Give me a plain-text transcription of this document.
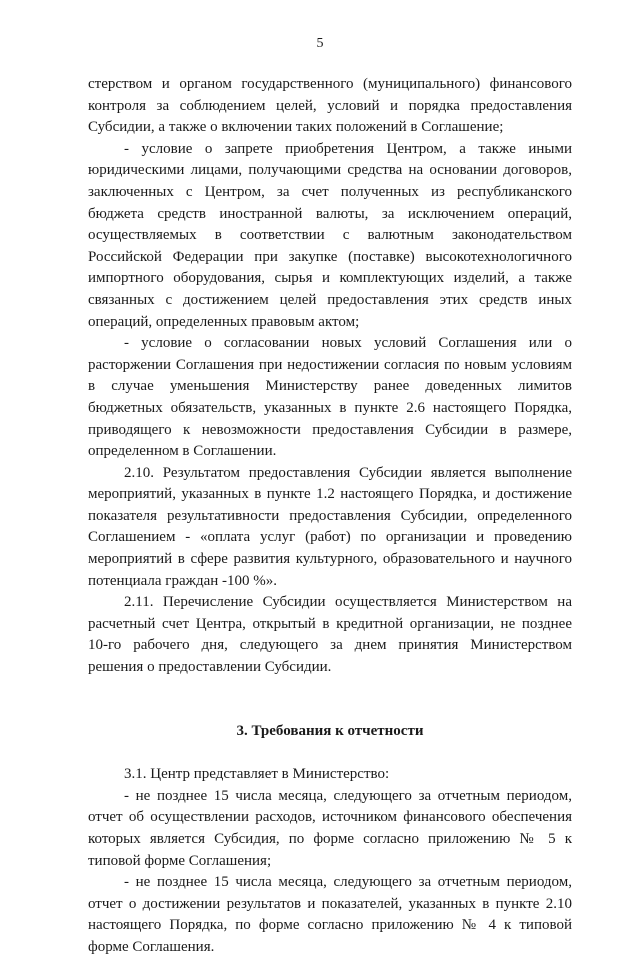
5

стерством и органом государственного (муниципального) финансового контроля за соблюдением целей, условий и порядка предоставления Субсидии, а также о включении таких положений в Соглашение;

- условие о запрете приобретения Центром, а также иными юридическими лицами, получающими средства на основании договоров, заключенных с Центром, за счет полученных из республиканского бюджета средств иностранной валюты, за исключением операций, осуществляемых в соответствии с валютным законодательством Российской Федерации при закупке (поставке) высокотехнологичного импортного оборудования, сырья и комплектующих изделий, а также связанных с достижением целей предоставления этих средств иных операций, определенных правовым актом;

- условие о согласовании новых условий Соглашения или о расторжении Соглашения при недостижении согласия по новым условиям в случае уменьшения Министерству ранее доведенных лимитов бюджетных обязательств, указанных в пункте 2.6 настоящего Порядка, приводящего к невозможности предоставления Субсидии в размере, определенном в Соглашении.

2.10. Результатом предоставления Субсидии является выполнение мероприятий, указанных в пункте 1.2 настоящего Порядка, и достижение показателя результативности предоставления Субсидии, определенного Соглашением - «оплата услуг (работ) по организации и проведению мероприятий в сфере развития культурного, образовательного и научного потенциала граждан -100 %».

2.11. Перечисление Субсидии осуществляется Министерством на расчетный счет Центра, открытый в кредитной организации, не позднее 10-го рабочего дня, следующего за днем принятия Министерством решения о предоставлении Субсидии.

3. Требования к отчетности

3.1. Центр представляет в Министерство:

- не позднее 15 числа месяца, следующего за отчетным периодом, отчет об осуществлении расходов, источником финансового обеспечения которых является Субсидия, по форме согласно приложению № 5 к типовой форме Соглашения;

- не позднее 15 числа месяца, следующего за отчетным периодом, отчет о достижении результатов и показателей, указанных в пункте 2.10 настоящего Порядка, по форме согласно приложению № 4 к типовой форме Соглашения.
